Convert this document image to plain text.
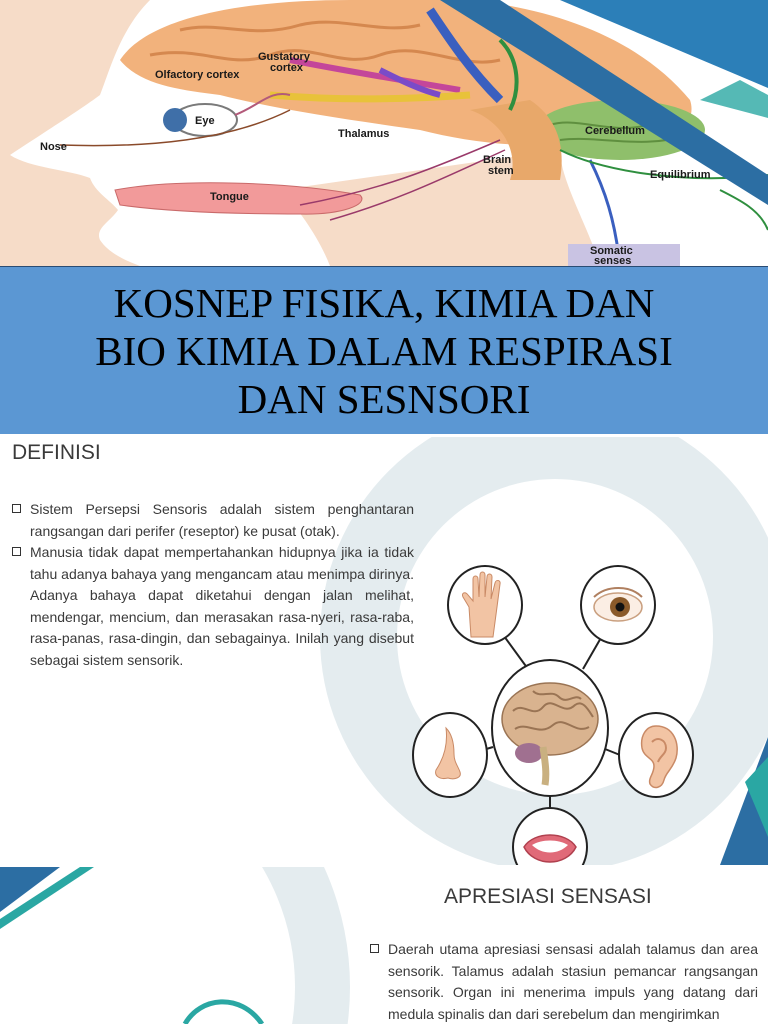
Gustatory
cortex
Olfactory cortex
Eye
Nose
Thalamus
Brain
stem
Cerebellum
Equilibrium
Tongue
Somatic
senses
KOSNEP FISIKA, KIMIA DAN
BIO KIMIA DALAM RESPIRASI
DAN SESNSORI
DEFINISI
Sistem Persepsi Sensoris adalah sistem penghantaran rangsangan dari perifer (reseptor) ke pusat (otak).
Manusia tidak dapat mempertahankan hidupnya jika ia tidak tahu adanya bahaya yang mengancam atau menimpa dirinya. Adanya bahaya dapat diketahui dengan jalan melihat, mendengar, mencium, dan merasakan rasa-nyeri, rasa-raba, rasa-panas, rasa-dingin, dan sebagainya. Inilah yang disebut sebagai sistem sensorik.
APRESIASI SENSASI
Daerah utama apresiasi sensasi adalah talamus dan area sensorik. Talamus adalah stasiun pemancar rangsangan sensorik. Organ ini menerima impuls yang datang dari medula spinalis dan dari serebelum dan mengirimkan
